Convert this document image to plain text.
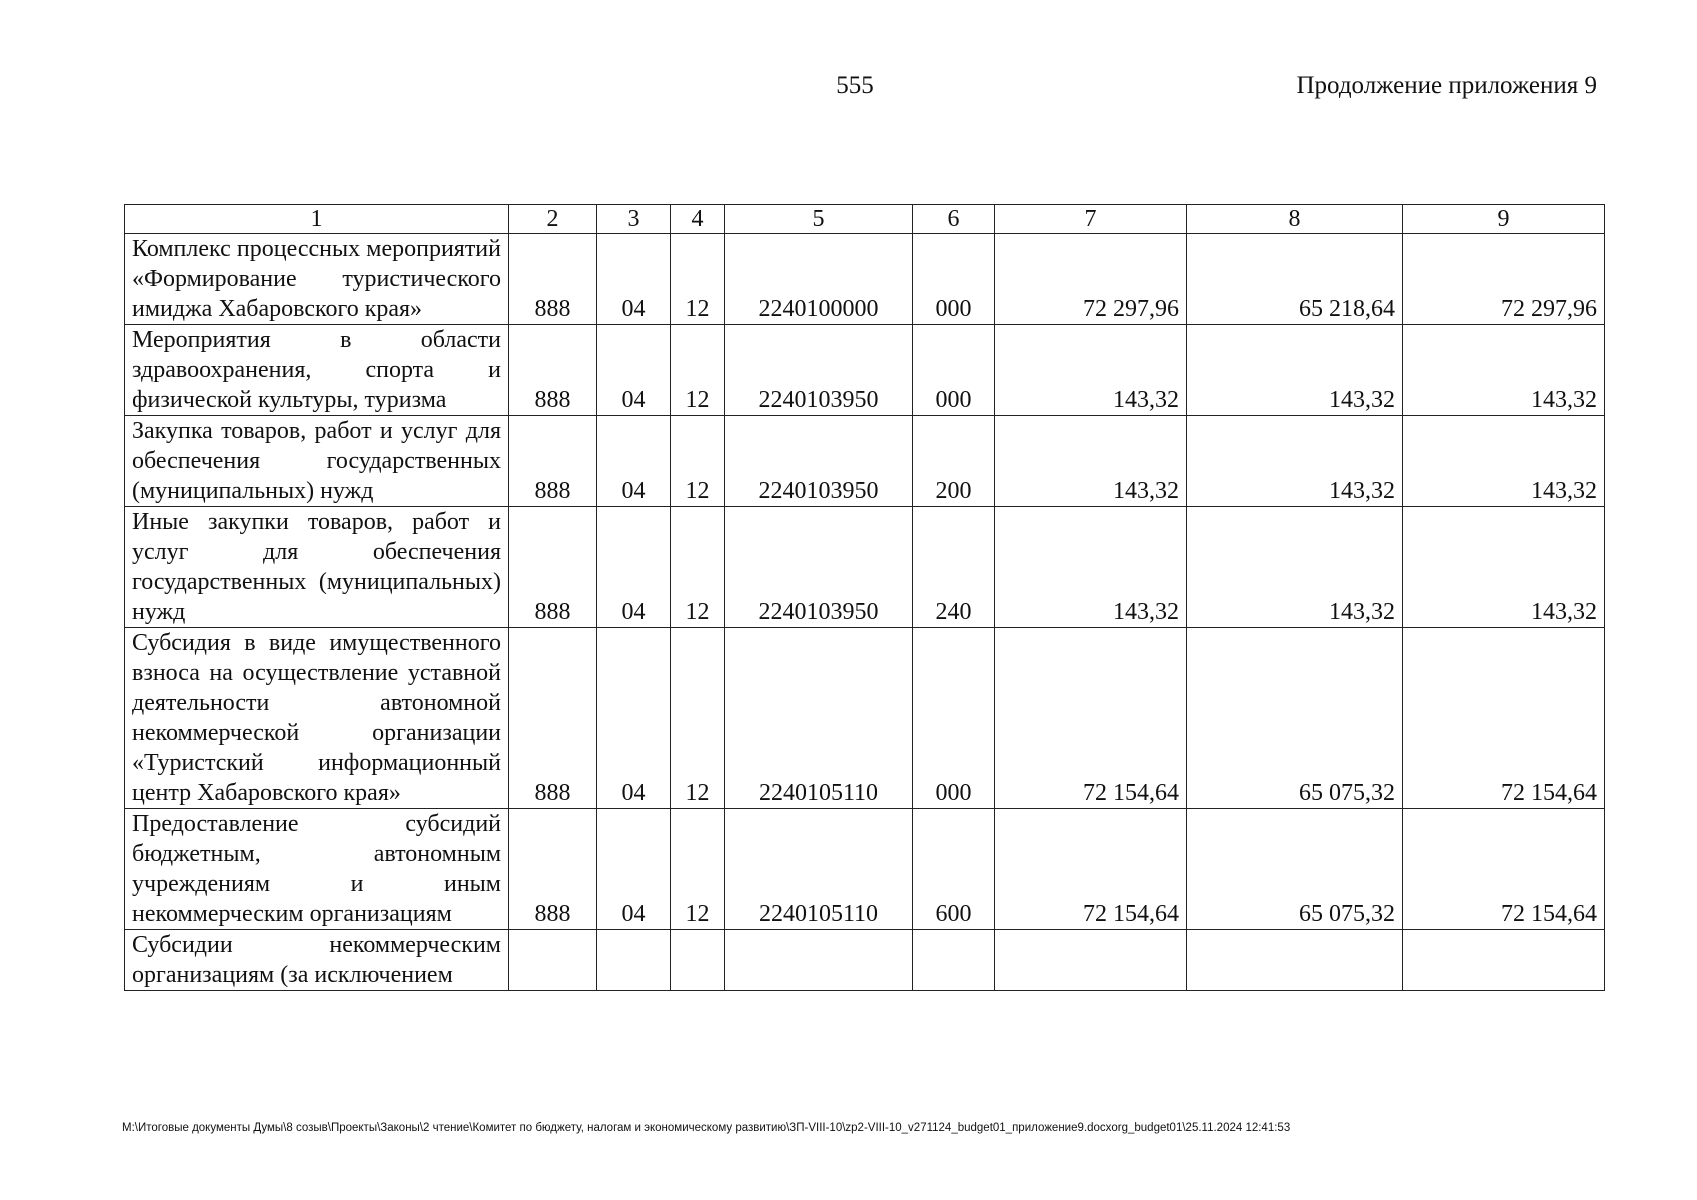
555	Продолжение приложения 9
1	2	3	4	5	6	7	8	9
Комплекс процессных мероприятий «Формирование туристического имиджа Хабаровского края»	888	04	12	2240100000	000	72 297,96	65 218,64	72 297,96
Мероприятия в области здравоохранения, спорта и физической культуры, туризма	888	04	12	2240103950	000	143,32	143,32	143,32
Закупка товаров, работ и услуг для обеспечения государственных (муниципальных) нужд	888	04	12	2240103950	200	143,32	143,32	143,32
Иные закупки товаров, работ и услуг для обеспечения государственных (муниципальных) нужд	888	04	12	2240103950	240	143,32	143,32	143,32
Субсидия в виде имущественного взноса на осуществление уставной деятельности автономной некоммерческой организации «Туристский информационный центр Хабаровского края»	888	04	12	2240105110	000	72 154,64	65 075,32	72 154,64
Предоставление субсидий бюджетным, автономным учреждениям и иным некоммерческим организациям	888	04	12	2240105110	600	72 154,64	65 075,32	72 154,64
Субсидии некоммерческим организациям (за исключением								
M:\Итоговые документы Думы\8 созыв\Проекты\Законы\2 чтение\Комитет по бюджету, налогам и экономическому развитию\ЗП-VIII-10\zp2-VIII-10_v271124_budget01_приложение9.docxorg_budget01\25.11.2024 12:41:53
